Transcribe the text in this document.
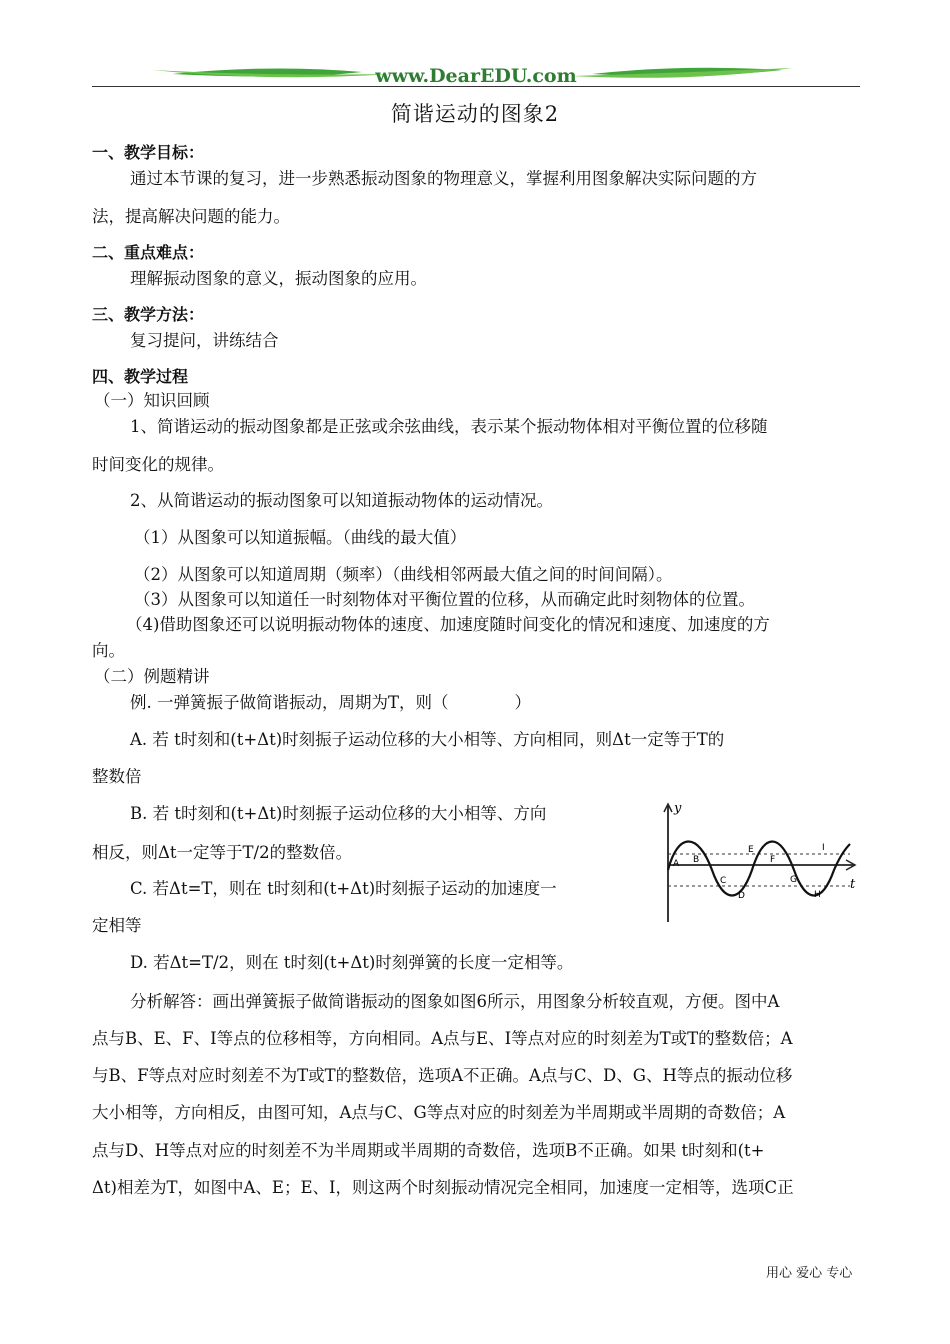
www.DearEDU.com
简谐运动的图象2
一、教学目标：
通过本节课的复习，进一步熟悉振动图象的物理意义，掌握利用图象解决实际问题的方
法，提高解决问题的能力。
二、重点难点：
理解振动图象的意义，振动图象的应用。
三、教学方法：
复习提问，讲练结合
四、教学过程
（一）知识回顾
1、简谐运动的振动图象都是正弦或余弦曲线，表示某个振动物体相对平衡位置的位移随
时间变化的规律。
2、从简谐运动的振动图象可以知道振动物体的运动情况。
（1）从图象可以知道振幅。（曲线的最大值）
（2）从图象可以知道周期（频率）（曲线相邻两最大值之间的时间间隔）。
（3）从图象可以知道任一时刻物体对平衡位置的位移，从而确定此时刻物体的位置。
（4)借助图象还可以说明振动物体的速度、加速度随时间变化的情况和速度、加速度的方
向。
（二）例题精讲
例. 一弹簧振子做简谐振动，周期为T，则（　　　　）
A. 若 t时刻和(t+Δt)时刻振子运动位移的大小相等、方向相同，则Δt一定等于T的
整数倍
B. 若 t时刻和(t+Δt)时刻振子运动位移的大小相等、方向
相反，则Δt一定等于T/2的整数倍。
C. 若Δt=T，则在 t时刻和(t+Δt)时刻振子运动的加速度一
定相等
D. 若Δt=T/2，则在 t时刻(t+Δt)时刻弹簧的长度一定相等。
分析解答：画出弹簧振子做简谐振动的图象如图6所示，用图象分析较直观，方便。图中A
点与B、E、F、I等点的位移相等，方向相同。A点与E、I等点对应的时刻差为T或T的整数倍；A
与B、F等点对应时刻差不为T或T的整数倍，选项A不正确。A点与C、D、G、H等点的振动位移
大小相等，方向相反，由图可知，A点与C、G等点对应的时刻差为半周期或半周期的奇数倍；A
点与D、H等点对应的时刻差不为半周期或半周期的奇数倍，选项B不正确。如果 t时刻和(t+
Δt)相差为T，如图中A、E；E、I，则这两个时刻振动情况完全相同，加速度一定相等，选项C正
y
t
A B
C
D
E
F
G
H
I
用心 爱心 专心
